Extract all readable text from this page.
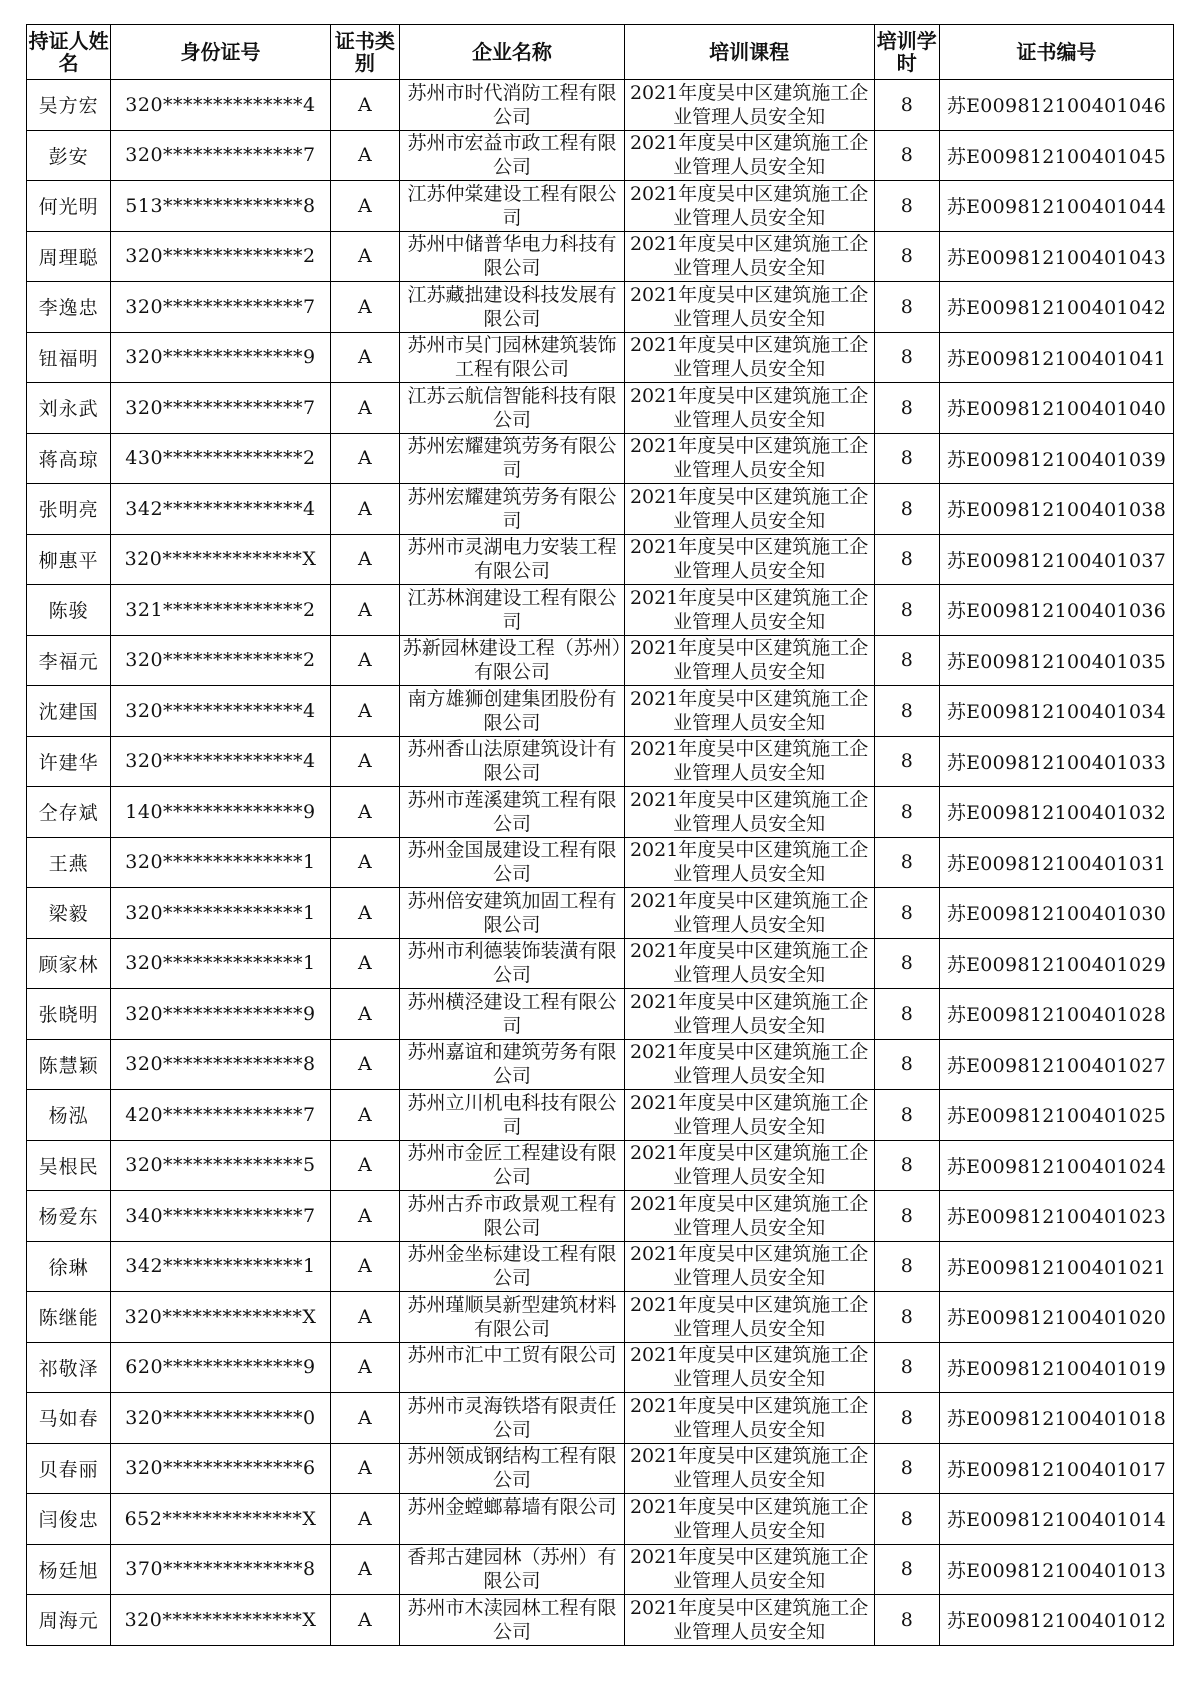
持证人姓名	身份证号	证书类别	企业名称	培训课程	培训学时	证书编号
吴方宏	320**************4	A	苏州市时代消防工程有限公司	2021年度吴中区建筑施工企业管理人员安全知	8	苏E009812100401046
彭安	320**************7	A	苏州市宏益市政工程有限公司	2021年度吴中区建筑施工企业管理人员安全知	8	苏E009812100401045
何光明	513**************8	A	江苏仲棠建设工程有限公司	2021年度吴中区建筑施工企业管理人员安全知	8	苏E009812100401044
周理聪	320**************2	A	苏州中储普华电力科技有限公司	2021年度吴中区建筑施工企业管理人员安全知	8	苏E009812100401043
李逸忠	320**************7	A	江苏藏拙建设科技发展有限公司	2021年度吴中区建筑施工企业管理人员安全知	8	苏E009812100401042
钮福明	320**************9	A	苏州市吴门园林建筑装饰工程有限公司	2021年度吴中区建筑施工企业管理人员安全知	8	苏E009812100401041
刘永武	320**************7	A	江苏云航信智能科技有限公司	2021年度吴中区建筑施工企业管理人员安全知	8	苏E009812100401040
蒋高琼	430**************2	A	苏州宏耀建筑劳务有限公司	2021年度吴中区建筑施工企业管理人员安全知	8	苏E009812100401039
张明亮	342**************4	A	苏州宏耀建筑劳务有限公司	2021年度吴中区建筑施工企业管理人员安全知	8	苏E009812100401038
柳惠平	320**************X	A	苏州市灵湖电力安装工程有限公司	2021年度吴中区建筑施工企业管理人员安全知	8	苏E009812100401037
陈骏	321**************2	A	江苏林润建设工程有限公司	2021年度吴中区建筑施工企业管理人员安全知	8	苏E009812100401036
李福元	320**************2	A	苏新园林建设工程（苏州）有限公司	2021年度吴中区建筑施工企业管理人员安全知	8	苏E009812100401035
沈建国	320**************4	A	南方雄狮创建集团股份有限公司	2021年度吴中区建筑施工企业管理人员安全知	8	苏E009812100401034
许建华	320**************4	A	苏州香山法原建筑设计有限公司	2021年度吴中区建筑施工企业管理人员安全知	8	苏E009812100401033
仝存斌	140**************9	A	苏州市莲溪建筑工程有限公司	2021年度吴中区建筑施工企业管理人员安全知	8	苏E009812100401032
王燕	320**************1	A	苏州金国晟建设工程有限公司	2021年度吴中区建筑施工企业管理人员安全知	8	苏E009812100401031
梁毅	320**************1	A	苏州倍安建筑加固工程有限公司	2021年度吴中区建筑施工企业管理人员安全知	8	苏E009812100401030
顾家林	320**************1	A	苏州市利德装饰装潢有限公司	2021年度吴中区建筑施工企业管理人员安全知	8	苏E009812100401029
张晓明	320**************9	A	苏州横泾建设工程有限公司	2021年度吴中区建筑施工企业管理人员安全知	8	苏E009812100401028
陈慧颖	320**************8	A	苏州嘉谊和建筑劳务有限公司	2021年度吴中区建筑施工企业管理人员安全知	8	苏E009812100401027
杨泓	420**************7	A	苏州立川机电科技有限公司	2021年度吴中区建筑施工企业管理人员安全知	8	苏E009812100401025
吴根民	320**************5	A	苏州市金匠工程建设有限公司	2021年度吴中区建筑施工企业管理人员安全知	8	苏E009812100401024
杨爱东	340**************7	A	苏州古乔市政景观工程有限公司	2021年度吴中区建筑施工企业管理人员安全知	8	苏E009812100401023
徐琳	342**************1	A	苏州金坐标建设工程有限公司	2021年度吴中区建筑施工企业管理人员安全知	8	苏E009812100401021
陈继能	320**************X	A	苏州瑾顺昊新型建筑材料有限公司	2021年度吴中区建筑施工企业管理人员安全知	8	苏E009812100401020
祁敬泽	620**************9	A	苏州市汇中工贸有限公司	2021年度吴中区建筑施工企业管理人员安全知	8	苏E009812100401019
马如春	320**************0	A	苏州市灵海铁塔有限责任公司	2021年度吴中区建筑施工企业管理人员安全知	8	苏E009812100401018
贝春丽	320**************6	A	苏州领成钢结构工程有限公司	2021年度吴中区建筑施工企业管理人员安全知	8	苏E009812100401017
闫俊忠	652**************X	A	苏州金螳螂幕墙有限公司	2021年度吴中区建筑施工企业管理人员安全知	8	苏E009812100401014
杨廷旭	370**************8	A	香邦古建园林（苏州）有限公司	2021年度吴中区建筑施工企业管理人员安全知	8	苏E009812100401013
周海元	320**************X	A	苏州市木渎园林工程有限公司	2021年度吴中区建筑施工企业管理人员安全知	8	苏E009812100401012
